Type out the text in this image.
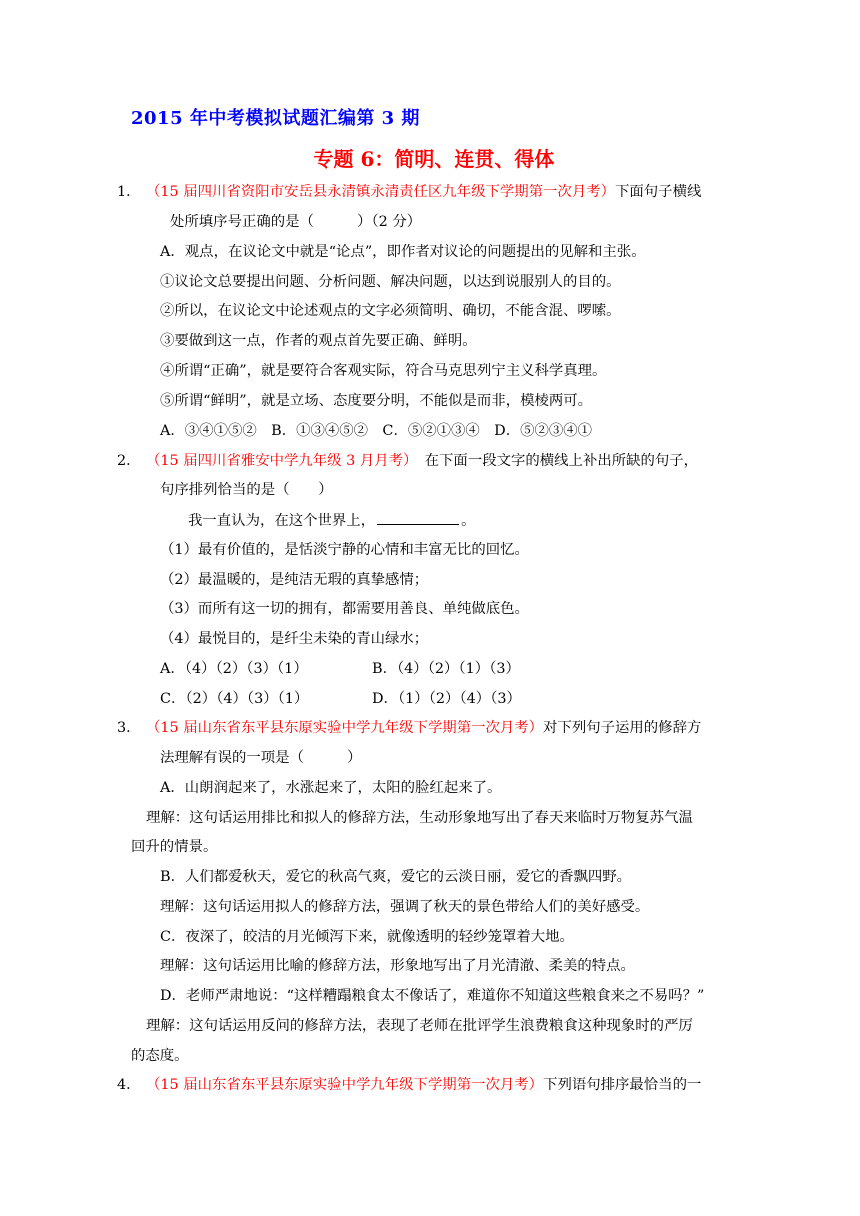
2015 年中考模拟试题汇编第 3 期
专题 6：简明、连贯、得体
1． （15 届四川省资阳市安岳县永清镇永清责任区九年级下学期第一次月考）下面句子横线
处所填序号正确的是（　　　）（2 分）
A．观点，在议论文中就是“论点”，即作者对议论的问题提出的见解和主张。
①议论文总要提出问题、分析问题、解决问题，以达到说服别人的目的。
②所以，在议论文中论述观点的文字必须简明、确切，不能含混、啰嗦。
③要做到这一点，作者的观点首先要正确、鲜明。
④所谓“正确”，就是要符合客观实际，符合马克思列宁主义科学真理。
⑤所谓“鲜明”，就是立场、态度要分明，不能似是而非，模棱两可。
A．③④①⑤②　B．①③④⑤②　C．⑤②①③④　D．⑤②③④①
2． （15 届四川省雅安中学九年级 3 月月考）　在下面一段文字的横线上补出所缺的句子，
句序排列恰当的是（　　）
我一直认为，在这个世界上，	。
（1）最有价值的，是恬淡宁静的心情和丰富无比的回忆。
（2）最温暖的，是纯洁无瑕的真挚感情；
（3）而所有这一切的拥有，都需要用善良、单纯做底色。
（4）最悦目的，是纤尘未染的青山绿水；
A．（4）（2）（3）（1）	B．（4）（2）（1）（3）
C．（2）（4）（3）（1）	D．（1）（2）（4）（3）
3． （15 届山东省东平县东原实验中学九年级下学期第一次月考）对下列句子运用的修辞方
法理解有误的一项是（　　　）
A．山朗润起来了，水涨起来了，太阳的脸红起来了。
理解：这句话运用排比和拟人的修辞方法，生动形象地写出了春天来临时万物复苏气温
回升的情景。
B．人们都爱秋天，爱它的秋高气爽，爱它的云淡日丽，爱它的香飘四野。
理解：这句话运用拟人的修辞方法，强调了秋天的景色带给人们的美好感受。
C．夜深了，皎洁的月光倾泻下来，就像透明的轻纱笼罩着大地。
理解：这句话运用比喻的修辞方法，形象地写出了月光清澈、柔美的特点。
D．老师严肃地说：“这样糟蹋粮食太不像话了，难道你不知道这些粮食来之不易吗？”
理解：这句话运用反问的修辞方法，表现了老师在批评学生浪费粮食这种现象时的严厉
的态度。
4． （15 届山东省东平县东原实验中学九年级下学期第一次月考）下列语句排序最恰当的一
